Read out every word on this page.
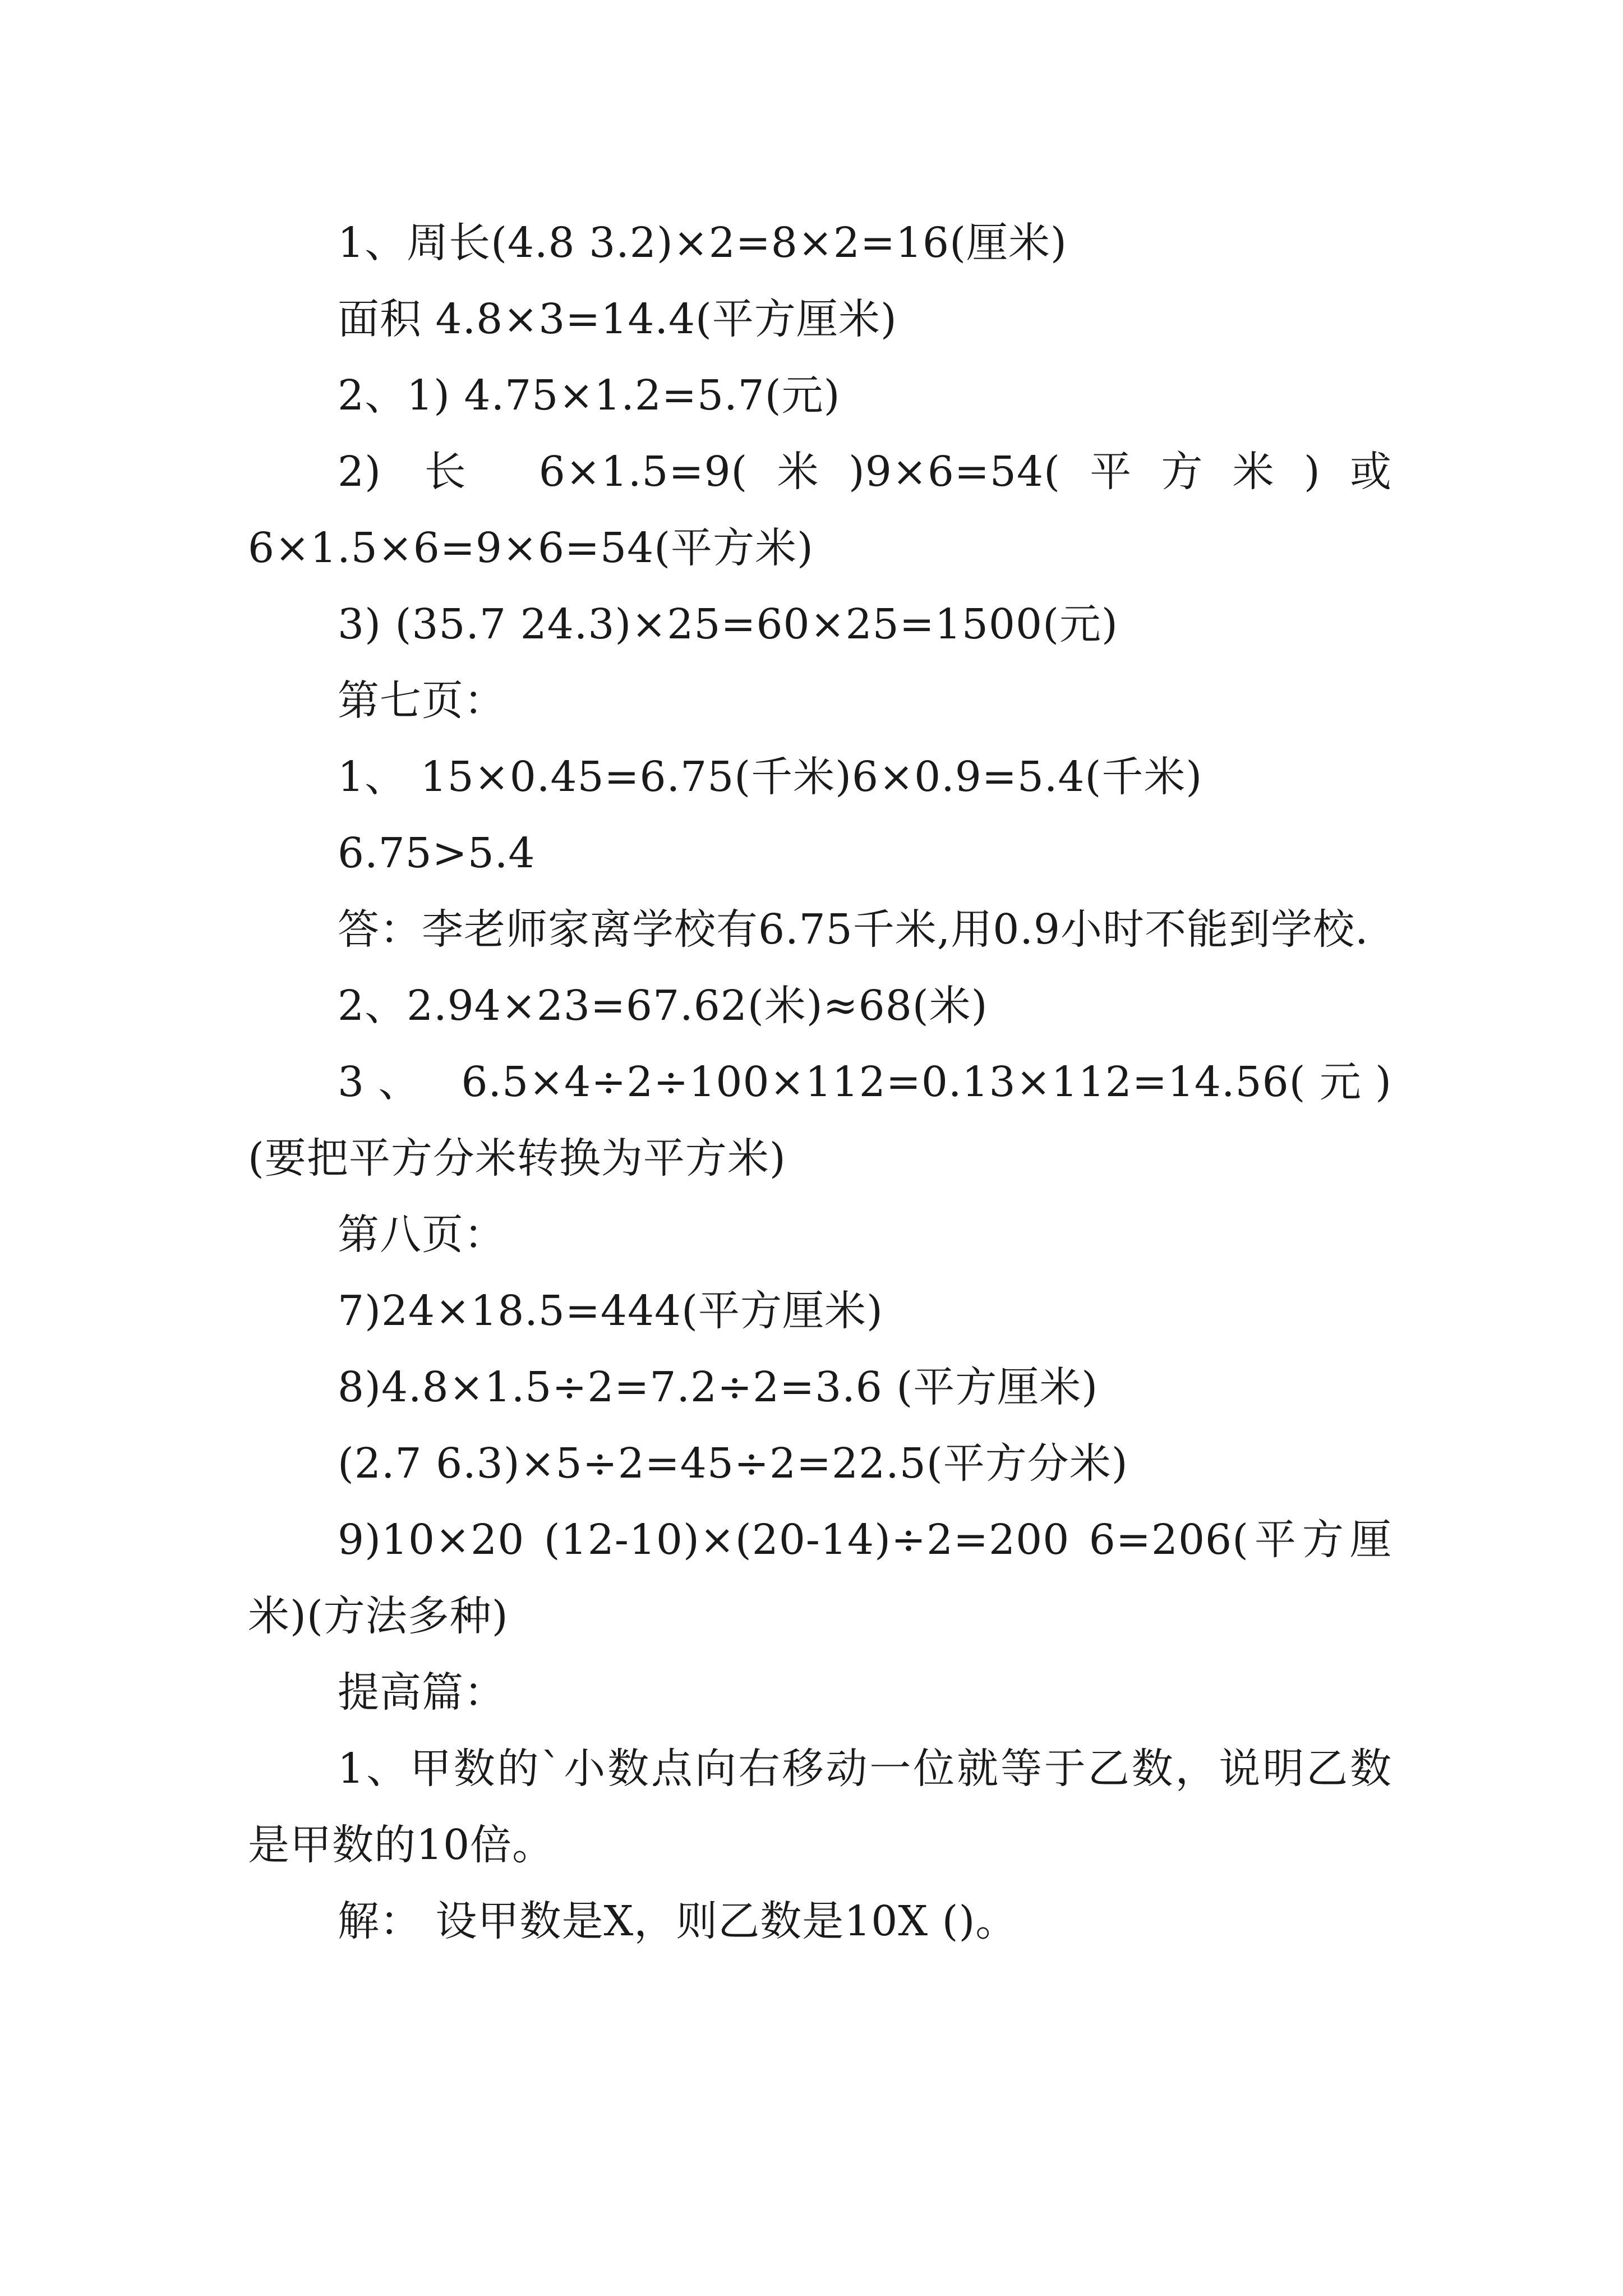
1、周长(4.8 3.2)×2=8×2=16(厘米)

面积 4.8×3=14.4(平方厘米)

2、1) 4.75×1.2=5.7(元)

2) 长 6×1.5=9(米)9×6=54(平方米)或6×1.5×6=9×6=54(平方米)

3) (35.7 24.3)×25=60×25=1500(元)

第七页：

1、 15×0.45=6.75(千米)6×0.9=5.4(千米)

6.75>5.4

答：李老师家离学校有6.75千米,用0.9小时不能到学校.

2、2.94×23=67.62(米)≈68(米)

3、 6.5×4÷2÷100×112=0.13×112=14.56(元) (要把平方分米转换为平方米)

第八页：

7)24×18.5=444(平方厘米)

8)4.8×1.5÷2=7.2÷2=3.6 (平方厘米)

(2.7 6.3)×5÷2=45÷2=22.5(平方分米)

9)10×20 (12-10)×(20-14)÷2=200 6=206(平方厘米)(方法多种)

提高篇：

1、甲数的`小数点向右移动一位就等于乙数，说明乙数是甲数的10倍。

解： 设甲数是X，则乙数是10X ()。
